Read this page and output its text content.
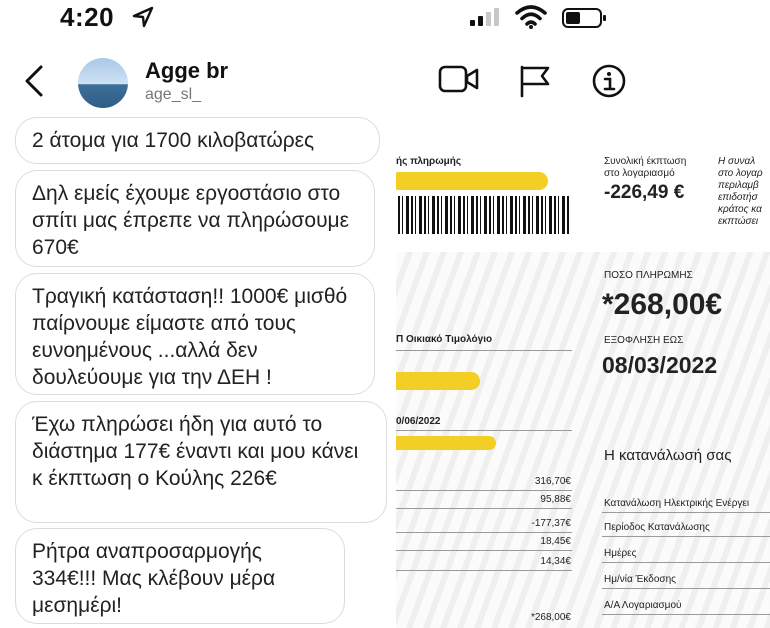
4:20
Agge br
age_sl_
2 άτομα για 1700 κιλοβατώρες
Δηλ εμείς έχουμε εργοστάσιο στο σπίτι μας έπρεπε να πληρώσουμε 670€
Τραγική κατάσταση!! 1000€ μισθό παίρνουμε είμαστε από τους ευνοημένους ...αλλά δεν δουλεύουμε για την ΔΕΗ !
Έχω πληρώσει ήδη για αυτό το διάστημα 177€ έναντι και μου κάνει κ έκπτωση ο Κούλης 226€
Ρήτρα αναπροσαρμογής 334€!!! Μας κλέβουν μέρα μεσημέρι!
ής πληρωμής	Συνολική έκπτωση
στο λογαριασμό
-226,49 €
Η συναλ
στο λογαρ
περιλαμβ
επιδοτήσ
κράτος κα
εκπτώσει
ΠΟΣΟ ΠΛΗΡΩΜΗΣ
*268,00€
ΕΞΟΦΛΗΣΗ ΕΩΣ
08/03/2022
Π Οικιακό Τιμολόγιο
0/06/2022
316,70€
95,88€
-177,37€
18,45€
14,34€
*268,00€
Η κατανάλωσή σας
Κατανάλωση Ηλεκτρικής Ενέργει
Περίοδος Κατανάλωσης
Ημέρες
Ημ/νία Έκδοσης
Α/Α Λογαριασμού
